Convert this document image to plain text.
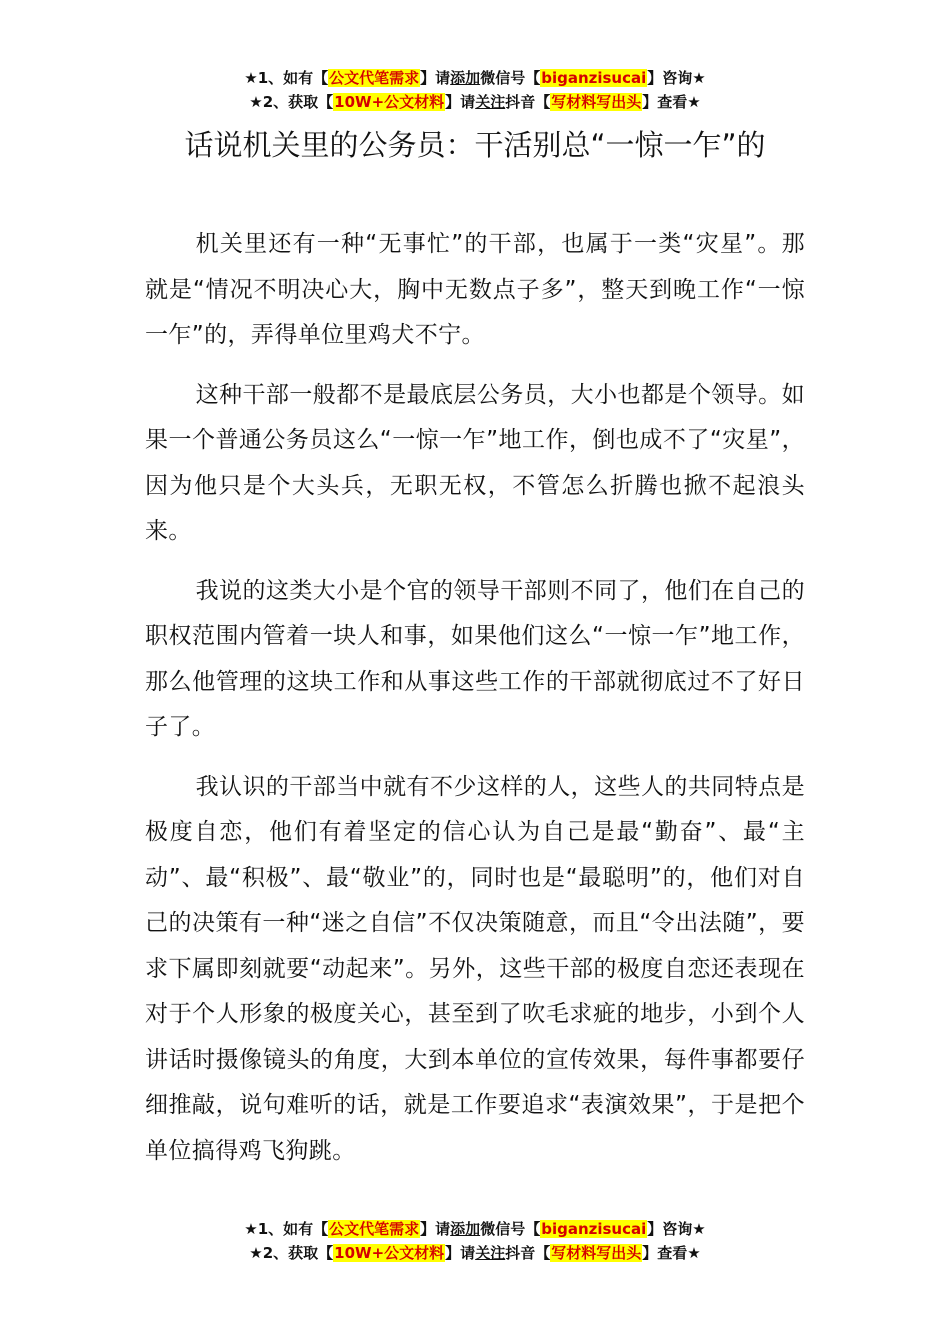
★1、如有【公文代笔需求】请添加微信号【biganzisucai】咨询★
★2、获取【10W+公文材料】请关注抖音【写材料写出头】查看★
话说机关里的公务员：干活别总“一惊一乍”的

机关里还有一种“无事忙”的干部，也属于一类“灾星”。那就是“情况不明决心大，胸中无数点子多”，整天到晚工作“一惊一乍”的，弄得单位里鸡犬不宁。

这种干部一般都不是最底层公务员，大小也都是个领导。如果一个普通公务员这么“一惊一乍”地工作，倒也成不了“灾星”，因为他只是个大头兵，无职无权，不管怎么折腾也掀不起浪头来。

我说的这类大小是个官的领导干部则不同了，他们在自己的职权范围内管着一块人和事，如果他们这么“一惊一乍”地工作，那么他管理的这块工作和从事这些工作的干部就彻底过不了好日子了。

我认识的干部当中就有不少这样的人，这些人的共同特点是极度自恋，他们有着坚定的信心认为自己是最“勤奋”、最“主动”、最“积极”、最“敬业”的，同时也是“最聪明”的，他们对自己的决策有一种“迷之自信”不仅决策随意，而且“令出法随”，要求下属即刻就要“动起来”。另外，这些干部的极度自恋还表现在对于个人形象的极度关心，甚至到了吹毛求疵的地步，小到个人讲话时摄像镜头的角度，大到本单位的宣传效果，每件事都要仔细推敲，说句难听的话，就是工作要追求“表演效果”，于是把个单位搞得鸡飞狗跳。

★1、如有【公文代笔需求】请添加微信号【biganzisucai】咨询★
★2、获取【10W+公文材料】请关注抖音【写材料写出头】查看★
